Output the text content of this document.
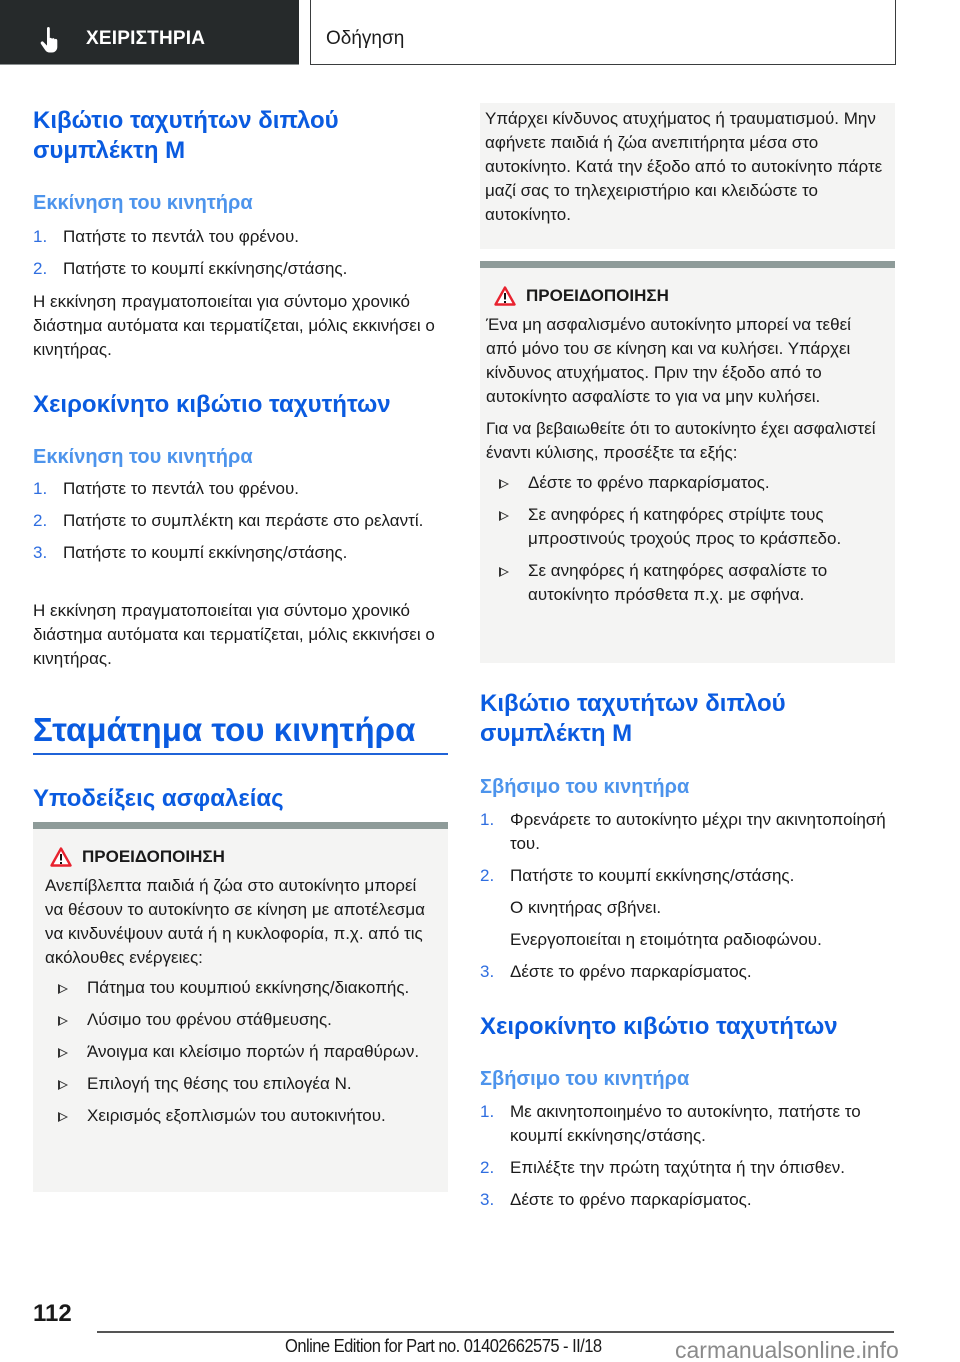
ΧΕΙΡΙΣΤΗΡΙΑ	Οδήγηση
Κιβώτιο ταχυτήτων διπλού συμπλέκτη M
Εκκίνηση του κινητήρα
1. Πατήστε το πεντάλ του φρένου.
2. Πατήστε το κουμπί εκκίνησης/στάσης.

Η εκκίνηση πραγματοποιείται για σύντομο χρονικό διάστημα αυτόματα και τερματίζεται, μόλις εκκινήσει ο κινητήρας.

Χειροκίνητο κιβώτιο ταχυτήτων
Εκκίνηση του κινητήρα
1. Πατήστε το πεντάλ του φρένου.
2. Πατήστε το συμπλέκτη και περάστε στο ρελαντί.
3. Πατήστε το κουμπί εκκίνησης/στάσης.

Η εκκίνηση πραγματοποιείται για σύντομο χρονικό διάστημα αυτόματα και τερματίζεται, μόλις εκκινήσει ο κινητήρας.

Σταμάτημα του κινητήρα
Υποδείξεις ασφαλείας
ΠΡΟΕΙΔΟΠΟΙΗΣΗ

Ανεπίβλεπτα παιδιά ή ζώα στο αυτοκίνητο μπορεί να θέσουν το αυτοκίνητο σε κίνηση με αποτέλεσμα να κινδυνέψουν αυτά ή η κυκλοφορία, π.χ. από τις ακόλουθες ενέργειες:

Πάτημα του κουμπιού εκκίνησης/διακοπής.
Λύσιμο του φρένου στάθμευσης.
Άνοιγμα και κλείσιμο πορτών ή παραθύρων.
Επιλογή της θέσης του επιλογέα N.
Χειρισμός εξοπλισμών του αυτοκινήτου.

Υπάρχει κίνδυνος ατυχήματος ή τραυματισμού. Μην αφήνετε παιδιά ή ζώα ανεπιτήρητα μέσα στο αυτοκίνητο. Κατά την έξοδο από το αυτοκίνητο πάρτε μαζί σας το τηλεχειριστήριο και κλειδώστε το αυτοκίνητο.

ΠΡΟΕΙΔΟΠΟΙΗΣΗ

Ένα μη ασφαλισμένο αυτοκίνητο μπορεί να τεθεί από μόνο του σε κίνηση και να κυλήσει. Υπάρχει κίνδυνος ατυχήματος. Πριν την έξοδο από το αυτοκίνητο ασφαλίστε το για να μην κυλήσει.

Για να βεβαιωθείτε ότι το αυτοκίνητο έχει ασφαλιστεί έναντι κύλισης, προσέξτε τα εξής:

Δέστε το φρένο παρκαρίσματος.
Σε ανηφόρες ή κατηφόρες στρίψτε τους μπροστινούς τροχούς προς το κράσπεδο.
Σε ανηφόρες ή κατηφόρες ασφαλίστε το αυτοκίνητο πρόσθετα π.χ. με σφήνα.
Κιβώτιο ταχυτήτων διπλού συμπλέκτη M
Σβήσιμο του κινητήρα
1. Φρενάρετε το αυτοκίνητο μέχρι την ακινητοποίησή του.
2. Πατήστε το κουμπί εκκίνησης/στάσης.
Ο κινητήρας σβήνει.
Ενεργοποιείται η ετοιμότητα ραδιοφώνου.
3. Δέστε το φρένο παρκαρίσματος.
Χειροκίνητο κιβώτιο ταχυτήτων
Σβήσιμο του κινητήρα
1. Με ακινητοποιημένο το αυτοκίνητο, πατήστε το κουμπί εκκίνησης/στάσης.
2. Επιλέξτε την πρώτη ταχύτητα ή την όπισθεν.
3. Δέστε το φρένο παρκαρίσματος.
112
Online Edition for Part no. 01402662575 - II/18	carmanualsonline.info
